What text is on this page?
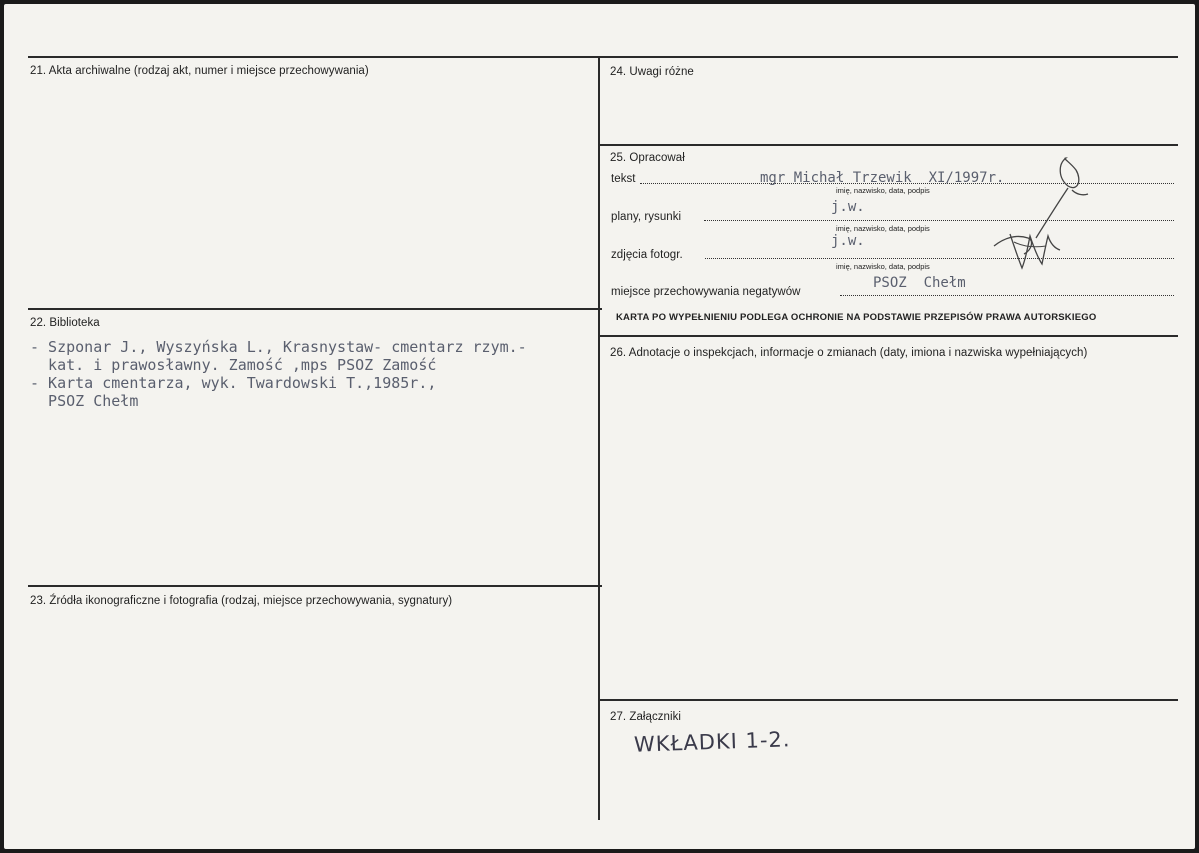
21. Akta archiwalne (rodzaj akt, numer i miejsce przechowywania)
22. Biblioteka
- Szponar J., Wyszyńska L., Krasnystaw- cmentarz rzym.-
kat. i prawosławny. Zamość ,mps PSOZ Zamość
- Karta cmentarza, wyk. Twardowski T.,1985r.,
PSOZ Chełm
23. Źródła ikonograficzne i fotografia (rodzaj, miejsce przechowywania, sygnatury)
24. Uwagi różne
25. Opracował
tekst	mgr Michał Trzewik  XI/1997r.
imię, nazwisko, data, podpis
plany, rysunki
j.w.
imię, nazwisko, data, podpis
zdjęcia fotogr.
j.w.
imię, nazwisko, data, podpis
miejsce przechowywania negatywów
PSOZ  Chełm
KARTA PO WYPEŁNIENIU PODLEGA OCHRONIE NA PODSTAWIE PRZEPISÓW PRAWA AUTORSKIEGO
26. Adnotacje o inspekcjach, informacje o zmianach (daty, imiona i nazwiska wypełniających)
27. Załączniki
WKŁADKI 1-2.
